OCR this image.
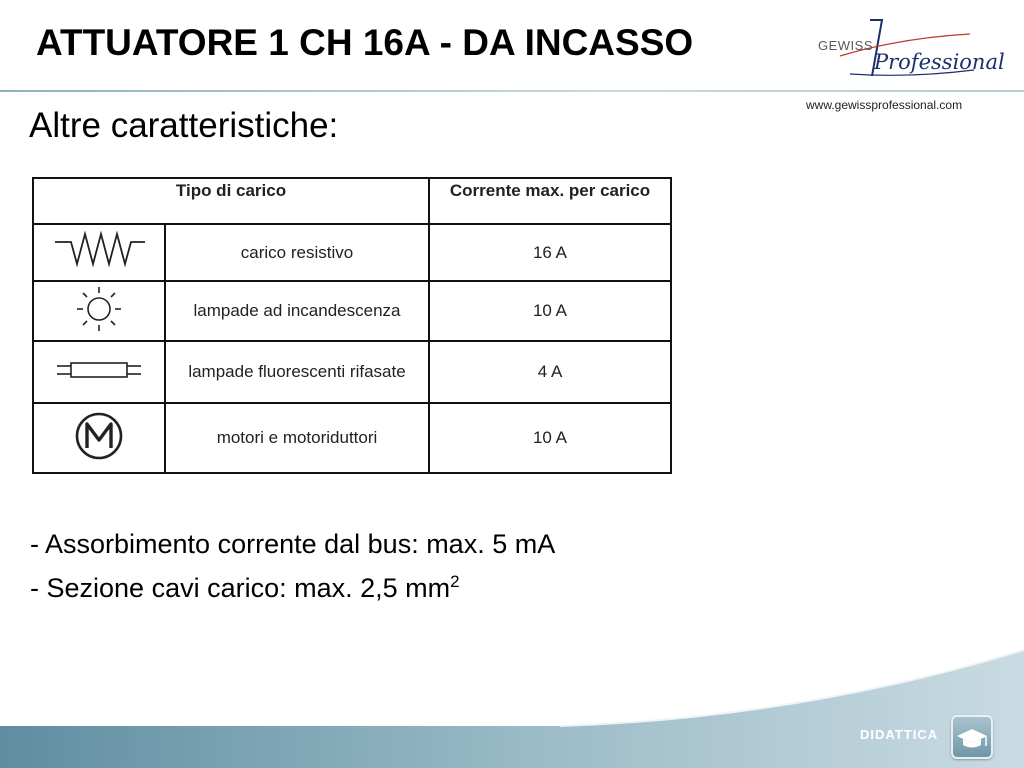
ATTUATORE 1 CH 16A - DA INCASSO	GEWISS
Professional
www.gewissprofessional.com
Altre caratteristiche:
Tipo di carico		Corrente max. per carico
	carico resistivo	16 A
	lampade ad incandescenza	10 A
	lampade fluorescenti rifasate	4 A
	motori e motoriduttori	10 A
- Assorbimento corrente dal bus: max. 5 mA
- Sezione cavi carico: max. 2,5 $mm^2$
DIDATTICA
